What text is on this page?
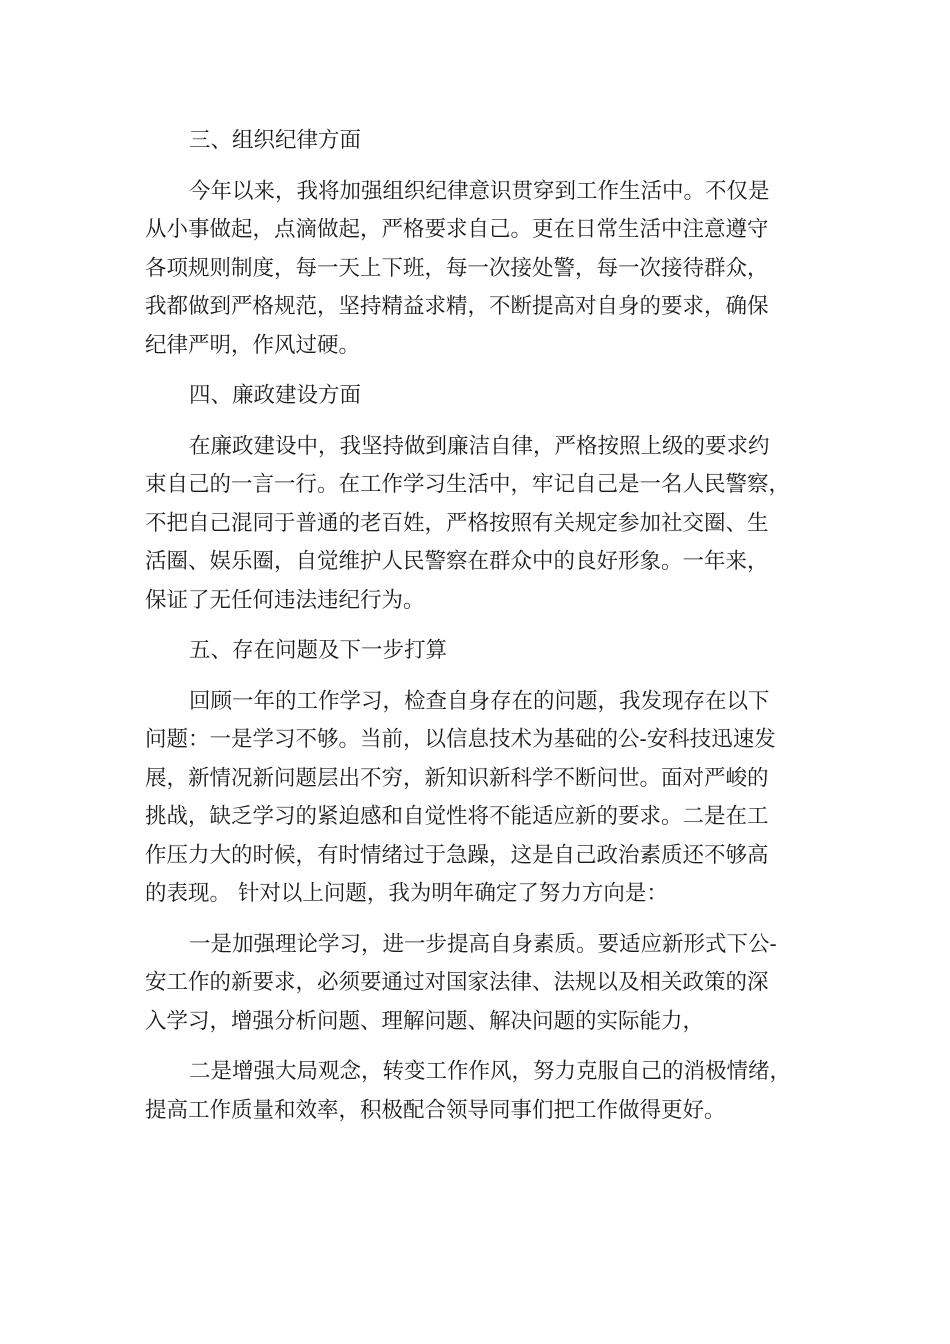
三、组织纪律方面
今年以来，我将加强组织纪律意识贯穿到工作生活中。不仅是
从小事做起，点滴做起，严格要求自己。更在日常生活中注意遵守
各项规则制度，每一天上下班，每一次接处警，每一次接待群众，
我都做到严格规范，坚持精益求精，不断提高对自身的要求，确保
纪律严明，作风过硬。
四、廉政建设方面
在廉政建设中，我坚持做到廉洁自律，严格按照上级的要求约
束自己的一言一行。在工作学习生活中，牢记自己是一名人民警察，
不把自己混同于普通的老百姓，严格按照有关规定参加社交圈、生
活圈、娱乐圈，自觉维护人民警察在群众中的良好形象。一年来，
保证了无任何违法违纪行为。
五、存在问题及下一步打算
回顾一年的工作学习，检查自身存在的问题，我发现存在以下
问题：一是学习不够。当前，以信息技术为基础的公-安科技迅速发
展，新情况新问题层出不穷，新知识新科学不断问世。面对严峻的
挑战，缺乏学习的紧迫感和自觉性将不能适应新的要求。二是在工
作压力大的时候，有时情绪过于急躁，这是自己政治素质还不够高
的表现。 针对以上问题，我为明年确定了努力方向是：
一是加强理论学习，进一步提高自身素质。要适应新形式下公-
安工作的新要求，必须要通过对国家法律、法规以及相关政策的深
入学习，增强分析问题、理解问题、解决问题的实际能力，
二是增强大局观念，转变工作作风，努力克服自己的消极情绪，
提高工作质量和效率，积极配合领导同事们把工作做得更好。
